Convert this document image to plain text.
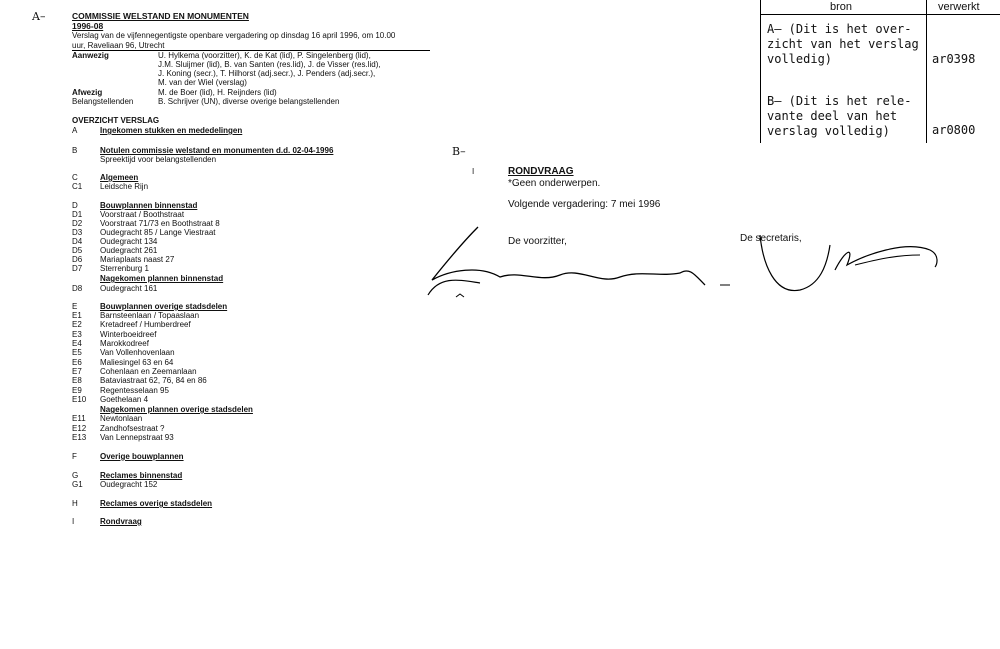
A–
B–
COMMISSIE WELSTAND EN MONUMENTEN
1996-08
Verslag van de vijfennegentigste openbare vergadering op dinsdag 16 april 1996, om 10.00
uur, Raveliaan 96, Utrecht
Aanwezig	U. Hylkema (voorzitter), K. de Kat (lid), P. Singelenberg (lid),
J.M. Sluijmer (lid), B. van Santen (res.lid), J. de Visser (res.lid),
J. Koning (secr.), T. Hilhorst (adj.secr.), J. Penders (adj.secr.),
M. van der Wiel (verslag)
Afwezig	M. de Boer (lid), H. Reijnders (lid)
Belangstellenden	B. Schrijver (UN), diverse overige belangstellenden
OVERZICHT VERSLAG
A	Ingekomen stukken en mededelingen
B	Notulen commissie welstand en monumenten d.d. 02-04-1996
Spreektijd voor belangstellenden
C	Algemeen
C1 Leidsche Rijn
D	Bouwplannen binnenstad
D1 Voorstraat / Boothstraat
D2 Voorstraat 71/73 en Boothstraat 8
D3 Oudegracht 85 / Lange Viestraat
D4 Oudegracht 134
D5 Oudegracht 261
D6 Mariaplaats naast 27
D7 Sterrenburg 1
Nagekomen plannen binnenstad
D8 Oudegracht 161
E	Bouwplannen overige stadsdelen
E1 Barnsteenlaan / Topaaslaan
E2 Kretadreef / Humberdreef
E3 Winterboeidreef
E4 Marokkodreef
E5 Van Vollenhovenlaan
E6 Maliesingel 63 en 64
E7 Cohenlaan en Zeemanlaan
E8 Bataviastraat 62, 76, 84 en 86
E9 Regentesselaan 95
E10 Goethelaan 4
Nagekomen plannen overige stadsdelen
E11 Newtonlaan
E12 Zandhofsestraat ?
E13 Van Lennepstraat 93
F	Overige bouwplannen
G	Reclames binnenstad
G1 Oudegracht 152
H	Reclames overige stadsdelen
I	Rondvraag
I	RONDVRAAG
*Geen onderwerpen.
Volgende vergadering: 7 mei 1996
De voorzitter,	De secretaris,
bron	verwerkt
A– (Dit is het over-
zicht van het verslag
volledig)	ar0398
B– (Dit is het rele-
vante deel van het
verslag volledig)	ar0800
